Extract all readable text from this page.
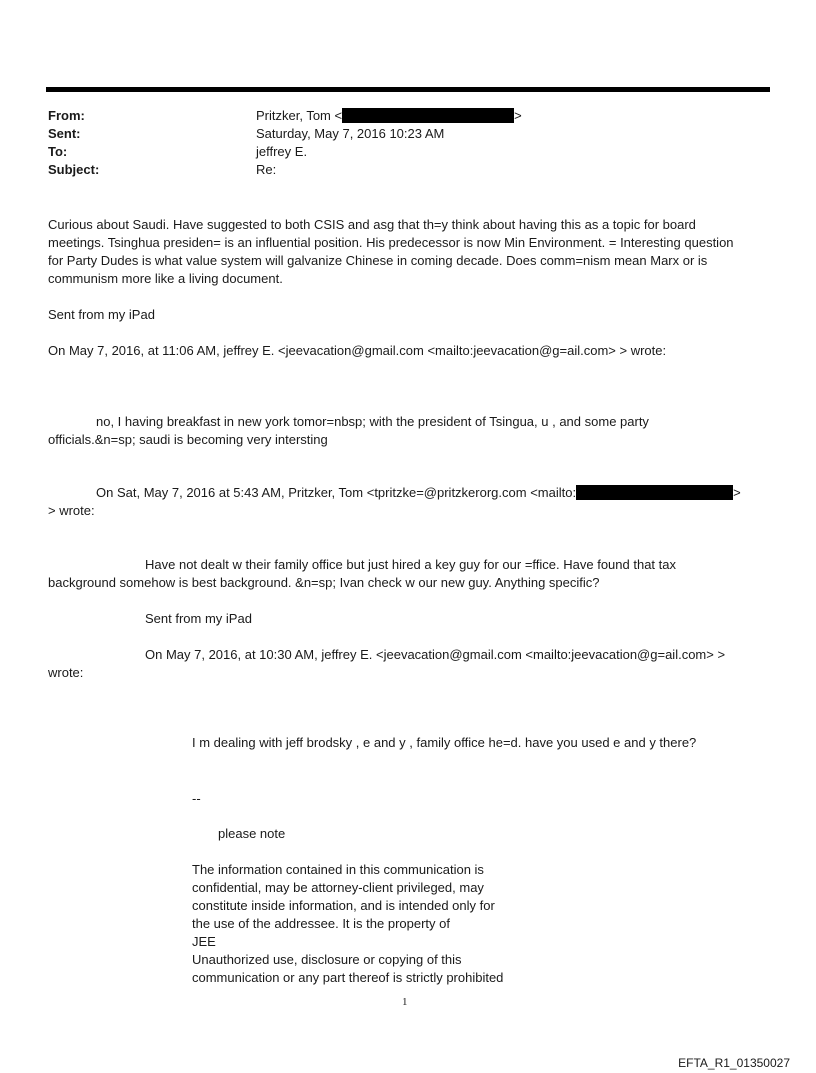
From:	Pritzker, Tom <	>
Sent:	Saturday, May 7, 2016 10:23 AM
To:	jeffrey E.
Subject:	Re:
Curious about Saudi. Have suggested to both CSIS and asg that th=y think about having this as a topic for board
meetings. Tsinghua presiden= is an influential position. His predecessor is now Min Environment. = Interesting question
for Party Dudes is what value system will galvanize Chinese in coming decade. Does comm=nism mean Marx or is
communism more like a living document.
Sent from my iPad
On May 7, 2016, at 11:06 AM, jeffrey E. <jeevacation@gmail.com <mailto:jeevacation@g=ail.com> > wrote:
no, I having breakfast in new york tomor=nbsp; with the president of Tsingua, u , and some party
officials.&n=sp; saudi is becoming very intersting
On Sat, May 7, 2016 at 5:43 AM, Pritzker, Tom <tpritzke=@pritzkerorg.com <mailto:	>
> wrote:
Have not dealt w their family office but just hired a key guy for our =ffice. Have found that tax
background somehow is best background. &n=sp; Ivan check w our new guy. Anything specific?
Sent from my iPad
On May 7, 2016, at 10:30 AM, jeffrey E. <jeevacation@gmail.com <mailto:jeevacation@g=ail.com> >
wrote:
I m dealing with jeff brodsky , e and y , family office he=d. have you used e and y there?
--
please note
The information contained in this communication is
confidential, may be attorney-client privileged, may
constitute inside information, and is intended only for
the use of the addressee. It is the property of
JEE
Unauthorized use, disclosure or copying of this
communication or any part thereof is strictly prohibited
1
EFTA_R1_01350027
